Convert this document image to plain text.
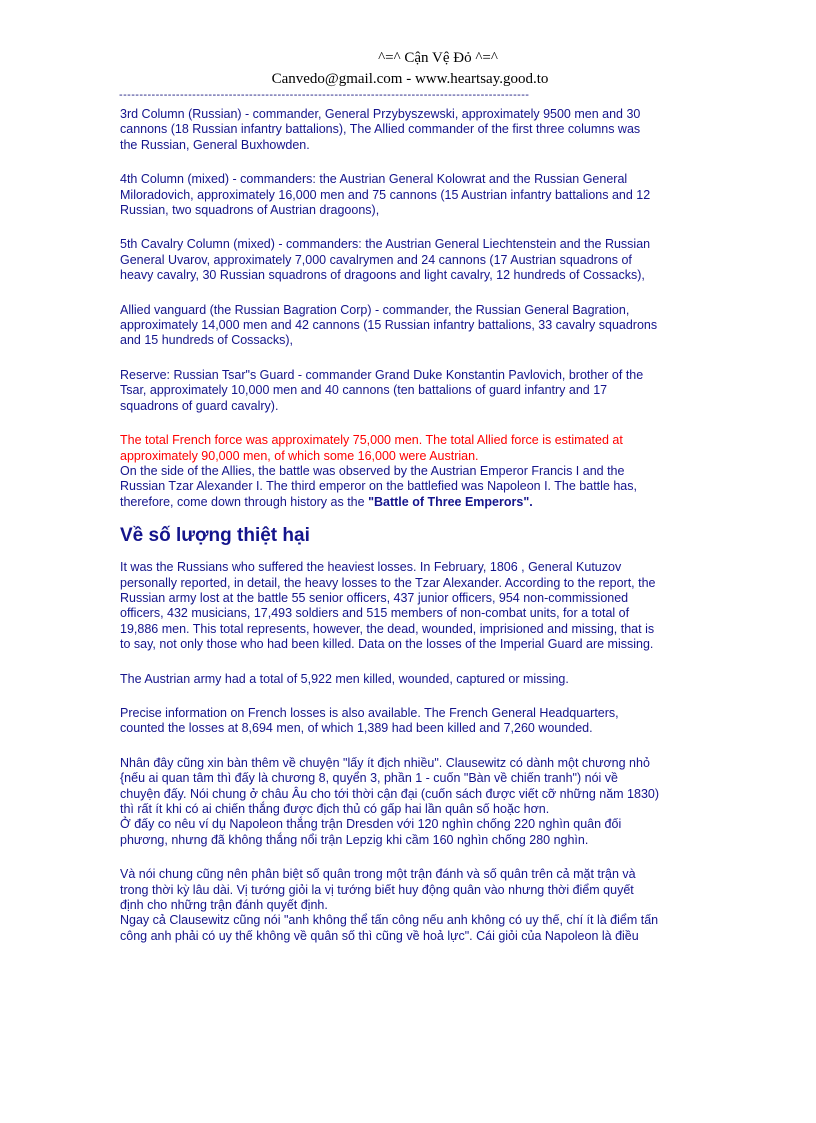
^=^ Cận Vệ Đỏ ^=^
Canvedo@gmail.com - www.heartsay.good.to
-----------------------------------------------------------------------------------------------------

3rd Column (Russian) - commander, General Przybyszewski, approximately 9500 men and 30
cannons (18 Russian infantry battalions), The Allied commander of the first three columns was
the Russian, General Buxhowden.

4th Column (mixed) - commanders: the Austrian General Kolowrat and the Russian General
Miloradovich, approximately 16,000 men and 75 cannons (15 Austrian infantry battalions and 12
Russian, two squadrons of Austrian dragoons),

5th Cavalry Column (mixed) - commanders: the Austrian General Liechtenstein and the Russian
General Uvarov, approximately 7,000 cavalrymen and 24 cannons (17 Austrian squadrons of
heavy cavalry, 30 Russian squadrons of dragoons and light cavalry, 12 hundreds of Cossacks),

Allied vanguard (the Russian Bagration Corp) - commander, the Russian General Bagration,
approximately 14,000 men and 42 cannons (15 Russian infantry battalions, 33 cavalry squadrons
and 15 hundreds of Cossacks),

Reserve: Russian Tsar"s Guard - commander Grand Duke Konstantin Pavlovich, brother of the
Tsar, approximately 10,000 men and 40 cannons (ten battalions of guard infantry and 17
squadrons of guard cavalry).

The total French force was approximately 75,000 men. The total Allied force is estimated at
approximately 90,000 men, of which some 16,000 were Austrian.
On the side of the Allies, the battle was observed by the Austrian Emperor Francis I and the
Russian Tzar Alexander I. The third emperor on the battlefied was Napoleon I. The battle has,
therefore, come down through history as the "Battle of Three Emperors".

Về số lượng thiệt hại

It was the Russians who suffered the heaviest losses. In February, 1806 , General Kutuzov
personally reported, in detail, the heavy losses to the Tzar Alexander. According to the report, the
Russian army lost at the battle 55 senior officers, 437 junior officers, 954 non-commissioned
officers, 432 musicians, 17,493 soldiers and 515 members of non-combat units, for a total of
19,886 men. This total represents, however, the dead, wounded, imprisioned and missing, that is
to say, not only those who had been killed. Data on the losses of the Imperial Guard are missing.

The Austrian army had a total of 5,922 men killed, wounded, captured or missing.

Precise information on French losses is also available. The French General Headquarters,
counted the losses at 8,694 men, of which 1,389 had been killed and 7,260 wounded.

Nhân đây cũng xin bàn thêm về chuyện "lấy ít địch nhiều". Clausewitz có dành một chương nhỏ
{nếu ai quan tâm thì đấy là chương 8, quyển 3, phần 1 - cuốn "Bàn về chiến tranh") nói về
chuyện đấy. Nói chung ở châu Âu cho tới thời cận đại (cuốn sách được viết cỡ những năm 1830)
thì rất ít khi có ai chiến thắng được địch thủ có gấp hai lần quân số hoặc hơn.
Ở đấy co nêu ví dụ Napoleon thắng trận Dresden với 120 nghìn chống 220 nghìn quân đối
phương, nhưng đã không thắng nổi trận Lepzig khi cầm 160 nghìn chống 280 nghìn.

Và nói chung cũng nên phân biệt số quân trong một trận đánh và số quân trên cả mặt trận và
trong thời kỳ lâu dài. Vị tướng giỏi la vị tướng biết huy động quân vào nhưng thời điểm quyết
định cho những trận đánh quyết định.
Ngay cả Clausewitz cũng nói "anh không thể tấn công nếu anh không có uy thế, chí ít là điểm tấn
công anh phải có uy thế không về quân số thì cũng về hoả lực". Cái giỏi của Napoleon là điều
